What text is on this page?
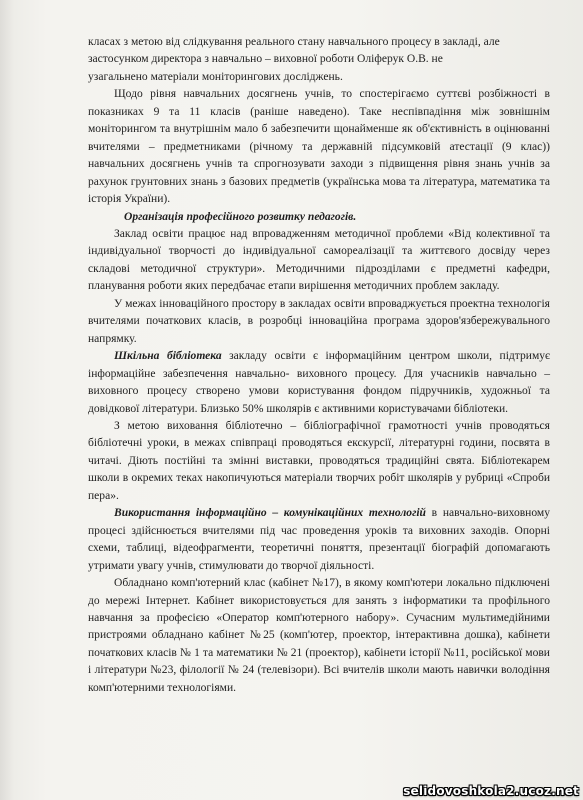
класах з метою від слідкування реального стану навчального процесу в закладі, але

застосунком директора з навчально – виховної роботи Оліферук О.В. не

узагальнено матеріали моніторингових досліджень.

Щодо рівня навчальних досягнень учнів, то спостерігаємо суттєві розбіжності в показниках 9 та 11 класів (раніше наведено). Таке неспівпадіння між зовнішнім моніторингом та внутрішнім мало б забезпечити щонайменше як об'єктивність в оцінюванні вчителями – предметниками (річному та державній підсумковій атестації (9 клас)) навчальних досягнень учнів та спрогнозувати заходи з підвищення рівня знань учнів за рахунок грунтовних знань з базових предметів (українська мова та література, математика та історія України).

Організація професійного розвитку педагогів.

Заклад освіти працює над впровадженням методичної проблеми «Від колективної та індивідуальної творчості до індивідуальної самореалізації та життєвого досвіду через складові методичної структури». Методичними підрозділами є предметні кафедри, планування роботи яких передбачає етапи вирішення методичних проблем закладу.

У межах інноваційного простору в закладах освіти впроваджується проектна технологія вчителями початкових класів, в розробці інноваційна програма здоров'язбережувального напрямку.

Шкільна бібліотека закладу освіти є інформаційним центром школи, підтримує інформаційне забезпечення навчально- виховного процесу. Для учасників навчально – виховного процесу створено умови користування фондом підручників, художньої та довідкової літератури. Близько 50% школярів є активними користувачами бібліотеки.

З метою виховання бібліотечно – бібліографічної грамотності учнів проводяться бібліотечні уроки, в межах співпраці проводяться екскурсії, літературні години, посвята в читачі. Діють постійні та змінні виставки, проводяться традиційні свята. Бібліотекарем школи в окремих теках накопичуються матеріали творчих робіт школярів у рубриці «Спроби пера».

Використання інформаційно – комунікаційних технологій в навчально-виховному процесі здійснюється вчителями під час проведення уроків та виховних заходів. Опорні схеми, таблиці, відеофрагменти, теоретичні поняття, презентації біографій допомагають утримати увагу учнів, стимулювати до творчої діяльності.

Обладнано комп'ютерний клас (кабінет №17), в якому комп'ютери локально підключені до мережі Інтернет. Кабінет використовується для занять з інформатики та профільного навчання за професією «Оператор комп'ютерного набору». Сучасним мультимедійними пристроями обладнано кабінет №25 (комп'ютер, проектор, інтерактивна дошка), кабінети початкових класів № 1 та математики № 21 (проектор), кабінети історії №11, російської мови і літератури №23, філології № 24 (телевізори). Всі вчителів школи мають навички володіння комп'ютерними технологіями.

selidovoshkola2.ucoz.net
